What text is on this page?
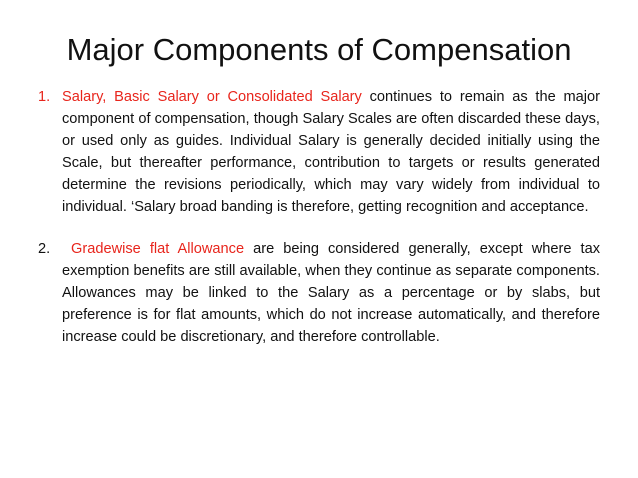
Major Components of Compensation
1. Salary, Basic Salary or Consolidated Salary continues to remain as the major component of compensation, though Salary Scales are often discarded these days, or used only as guides. Individual Salary is generally decided initially using the Scale, but thereafter performance, contribution to targets or results generated determine the revisions periodically, which may vary widely from individual to individual. ‘Salary broad banding is therefore, getting recognition and acceptance.
2. Gradewise flat Allowance are being considered generally, except where tax exemption benefits are still available, when they continue as separate components. Allowances may be linked to the Salary as a percentage or by slabs, but preference is for flat amounts, which do not increase automatically, and therefore increase could be discretionary, and therefore controllable.
